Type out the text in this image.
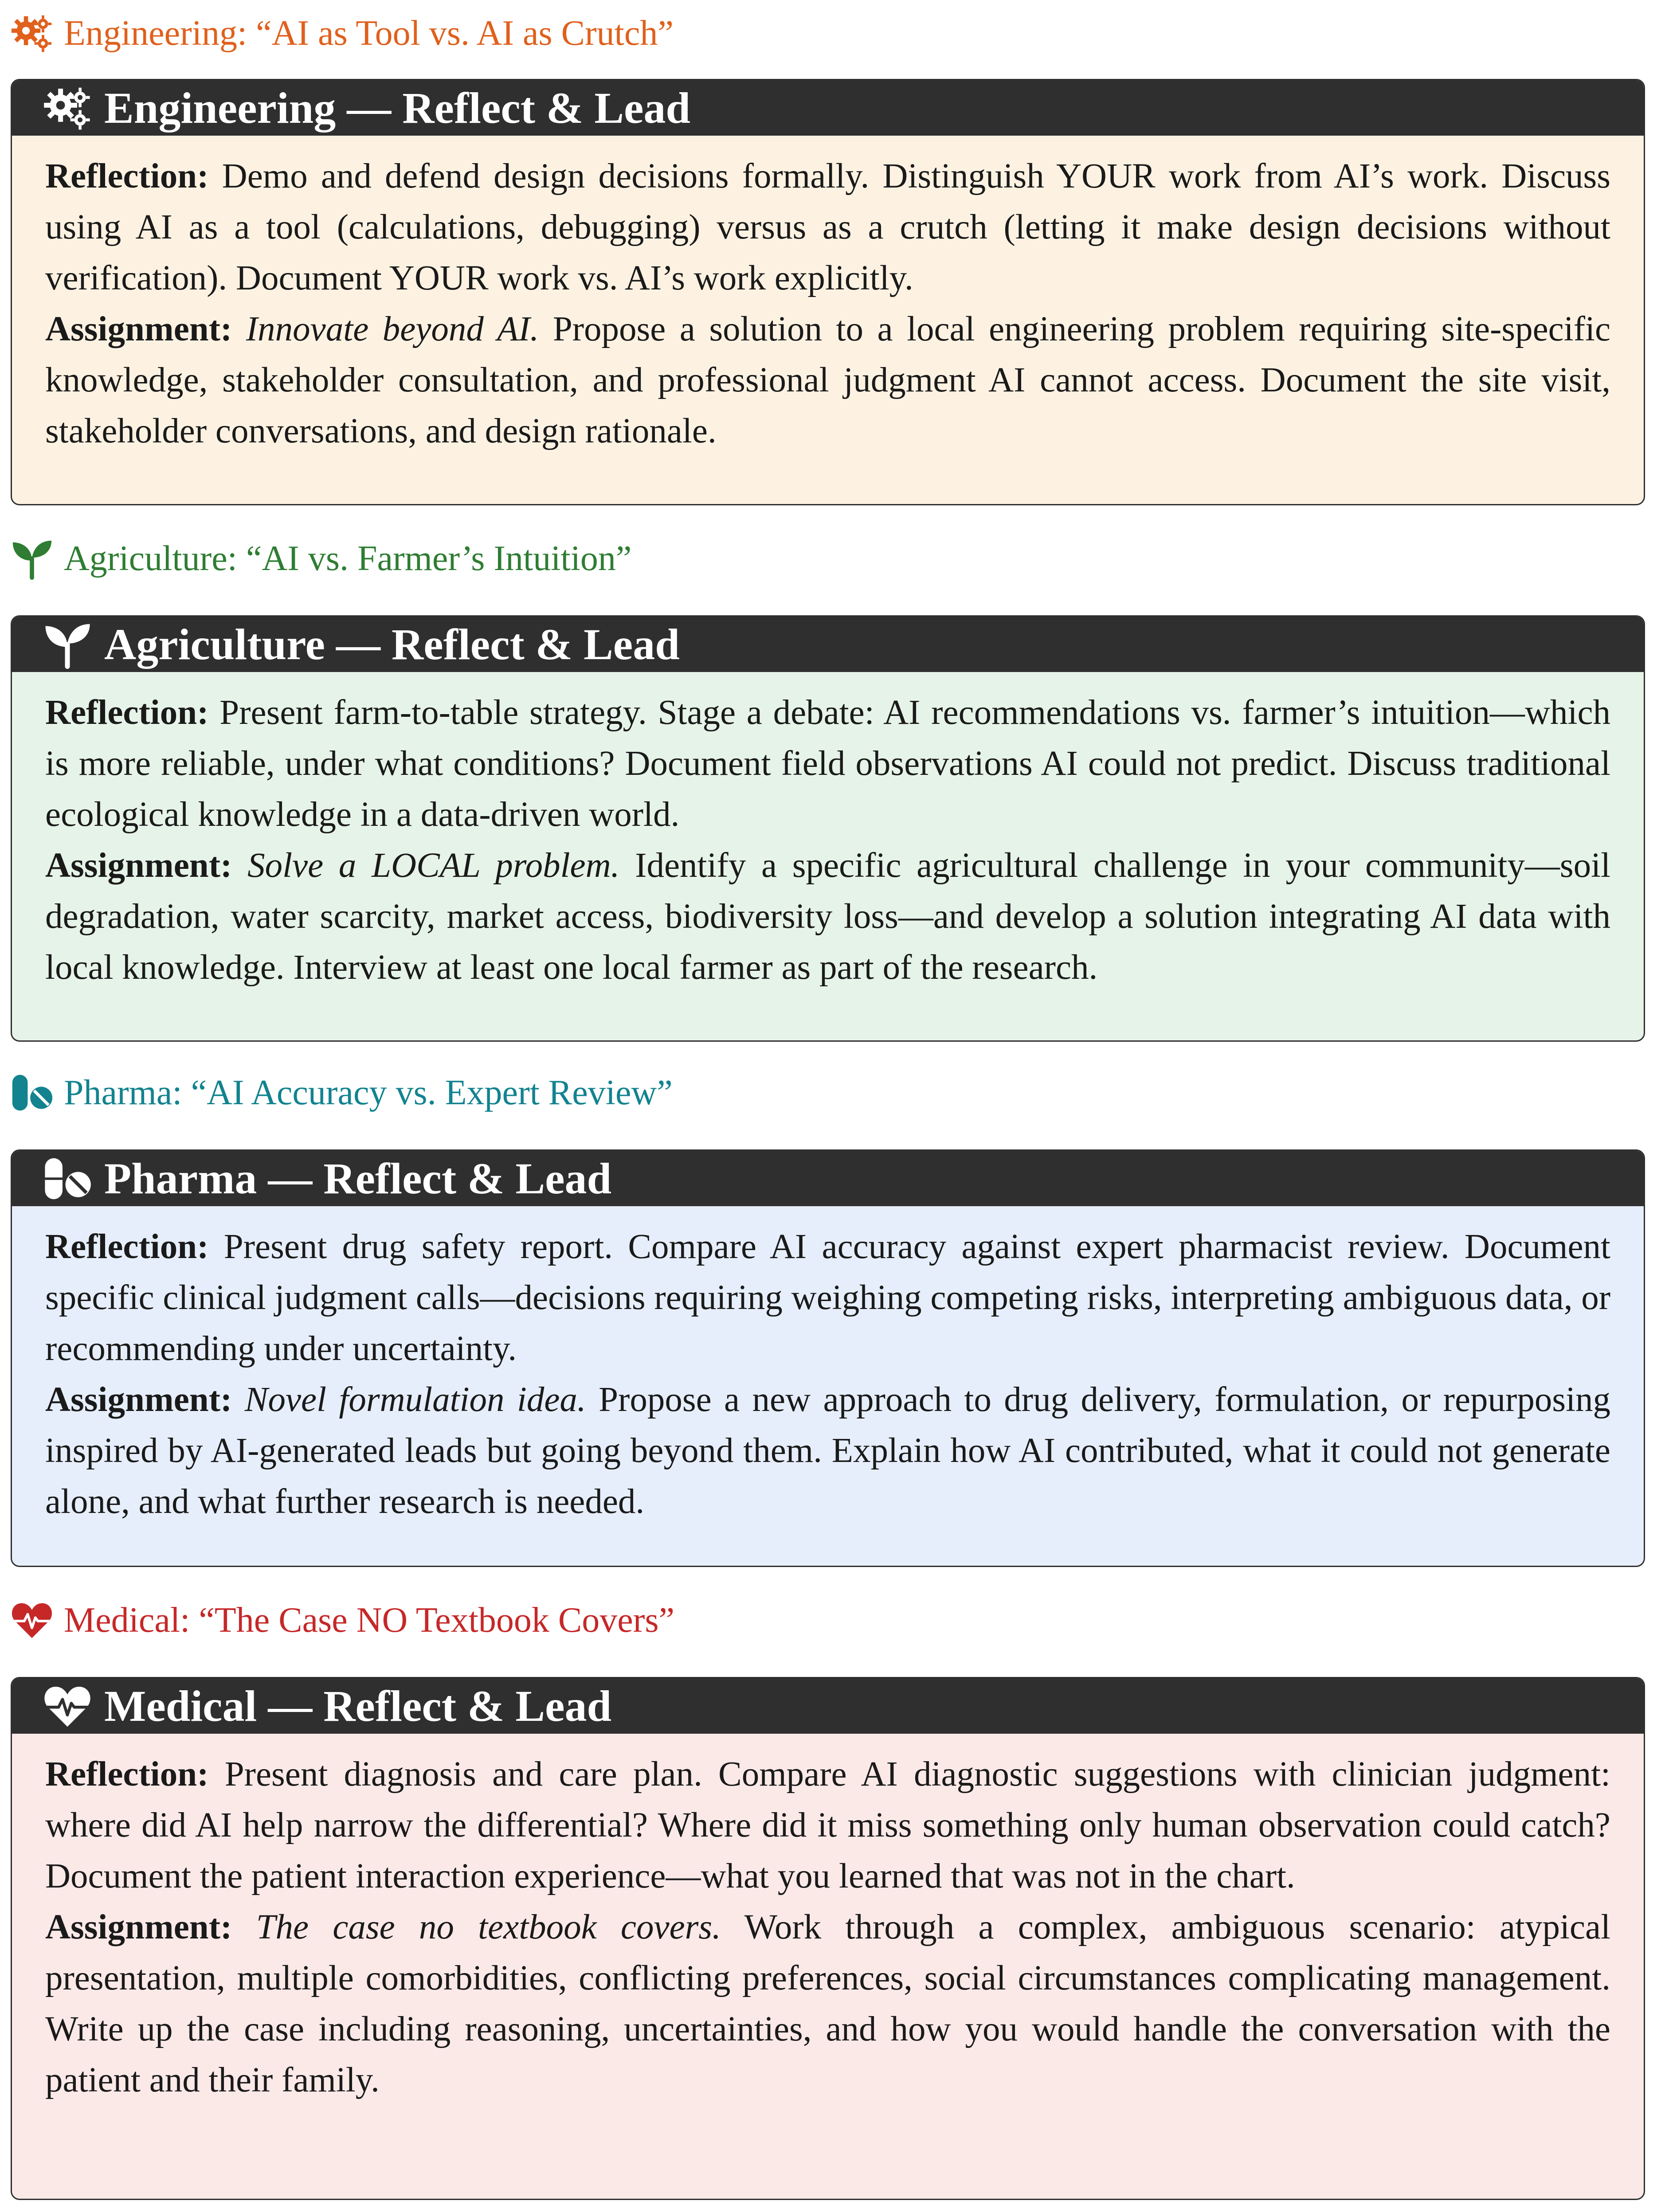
Engineering: “AI as Tool vs. AI as Crutch”
Engineering — Reflect & Lead

Reflection: Demo and defend design decisions formally. Distinguish YOUR work from AI’s work. Discuss using AI as a tool (calculations, debugging) versus as a crutch (letting it make design decisions without verification). Document YOUR work vs. AI’s work explicitly.

Assignment: Innovate beyond AI. Propose a solution to a local engineering problem requiring site-specific knowledge, stakeholder consultation, and professional judgment AI cannot access. Document the site visit, stakeholder conversations, and design rationale.

Agriculture: “AI vs. Farmer’s Intuition”
Agriculture — Reflect & Lead

Reflection: Present farm-to-table strategy. Stage a debate: AI recommendations vs. farmer’s intuition—which is more reliable, under what conditions? Document field observations AI could not predict. Discuss traditional ecological knowledge in a data-driven world.

Assignment: Solve a LOCAL problem. Identify a specific agricultural challenge in your community—soil degradation, water scarcity, market access, biodiversity loss—and develop a solution integrating AI data with local knowledge. Interview at least one local farmer as part of the research.

Pharma: “AI Accuracy vs. Expert Review”
Pharma — Reflect & Lead

Reflection: Present drug safety report. Compare AI accuracy against expert pharmacist review. Document specific clinical judgment calls—decisions requiring weighing competing risks, interpreting ambiguous data, or recommending under uncertainty.

Assignment: Novel formulation idea. Propose a new approach to drug delivery, formulation, or repurposing inspired by AI-generated leads but going beyond them. Explain how AI contributed, what it could not generate alone, and what further research is needed.

Medical: “The Case NO Textbook Covers”
Medical — Reflect & Lead

Reflection: Present diagnosis and care plan. Compare AI diagnostic suggestions with clinician judgment: where did AI help narrow the differential? Where did it miss something only human observation could catch? Document the patient interaction experience—what you learned that was not in the chart.

Assignment: The case no textbook covers. Work through a complex, ambiguous scenario: atypical presentation, multiple comorbidities, conflicting preferences, social circumstances complicating management. Write up the case including reasoning, uncertainties, and how you would handle the conversation with the patient and their family.
